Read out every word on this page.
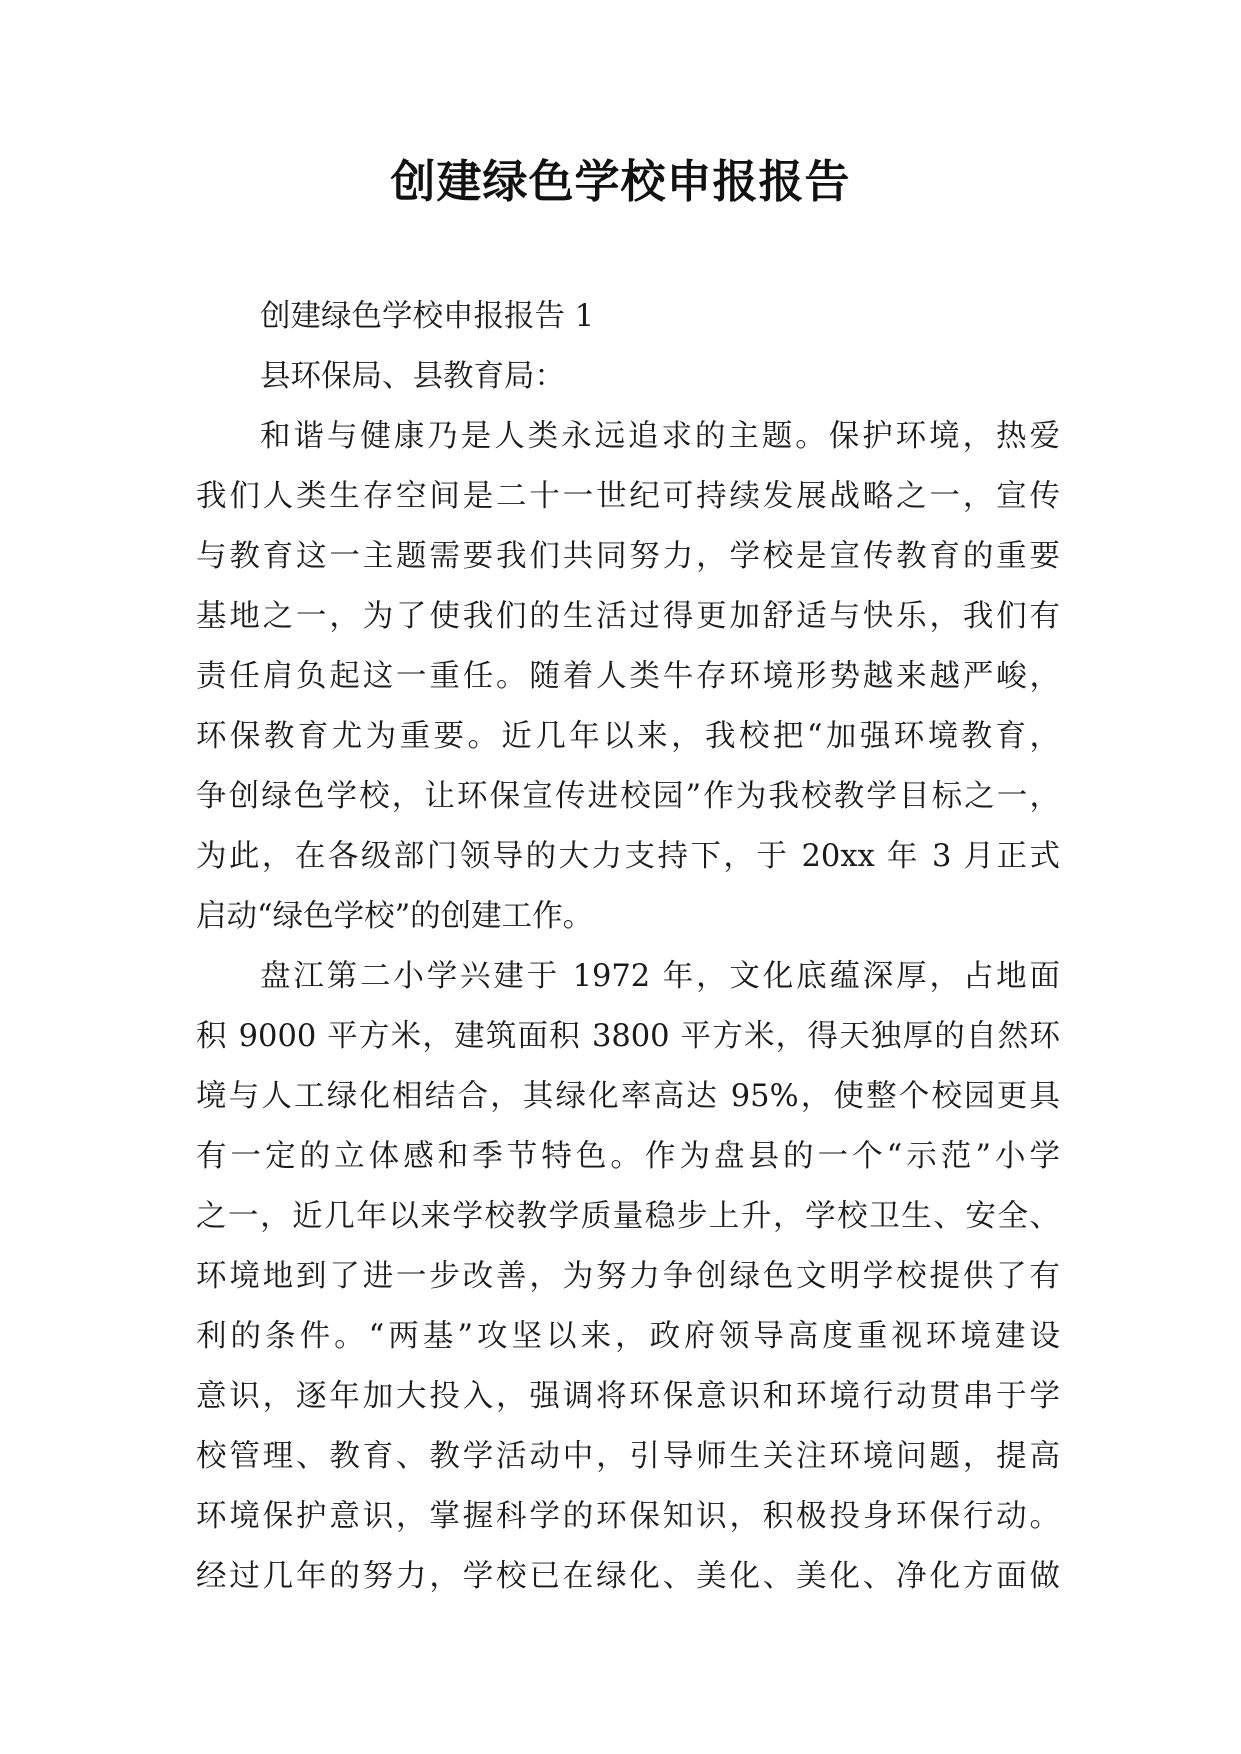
创建绿色学校申报报告
创建绿色学校申报报告 1
县环保局、县教育局：
和谐与健康乃是人类永远追求的主题。保护环境，热爱
我们人类生存空间是二十一世纪可持续发展战略之一，宣传
与教育这一主题需要我们共同努力，学校是宣传教育的重要
基地之一，为了使我们的生活过得更加舒适与快乐，我们有
责任肩负起这一重任。随着人类牛存环境形势越来越严峻，
环保教育尤为重要。近几年以来，我校把“加强环境教育，
争创绿色学校，让环保宣传进校园”作为我校教学目标之一，
为此，在各级部门领导的大力支持下，于 20xx 年 3 月正式
启动“绿色学校”的创建工作。
盘江第二小学兴建于 1972 年，文化底蕴深厚，占地面
积 9000 平方米，建筑面积 3800 平方米，得天独厚的自然环
境与人工绿化相结合，其绿化率高达 95%，使整个校园更具
有一定的立体感和季节特色。作为盘县的一个“示范”小学
之一，近几年以来学校教学质量稳步上升，学校卫生、安全、
环境地到了进一步改善，为努力争创绿色文明学校提供了有
利的条件。“两基”攻坚以来，政府领导高度重视环境建设
意识，逐年加大投入，强调将环保意识和环境行动贯串于学
校管理、教育、教学活动中，引导师生关注环境问题，提高
环境保护意识，掌握科学的环保知识，积极投身环保行动。
经过几年的努力，学校已在绿化、美化、美化、净化方面做
